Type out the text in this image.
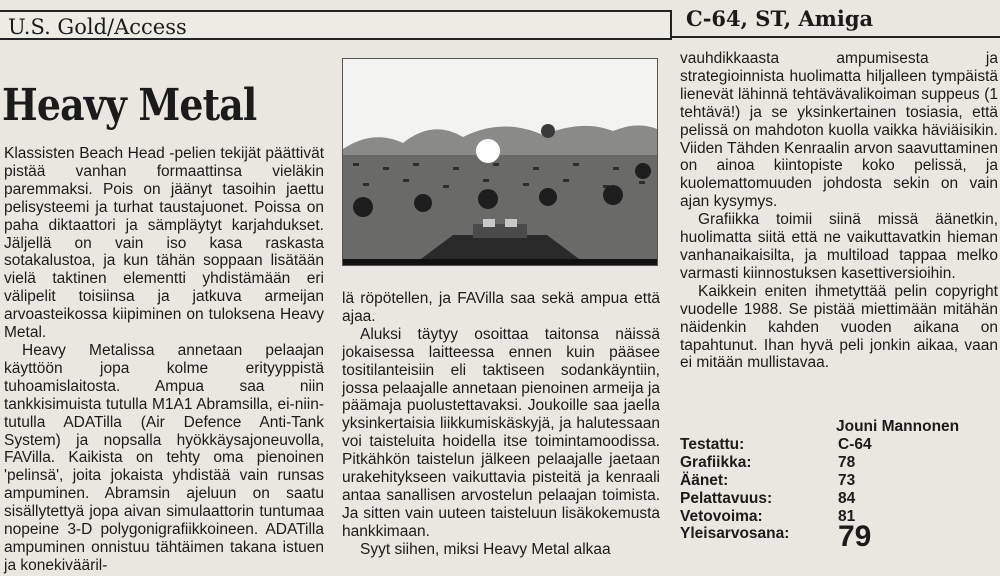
U.S. Gold/Access	C-64, ST, Amiga
Heavy Metal

Klassisten Beach Head -pelien tekijät päättivät pistää vanhan formaattinsa vieläkin paremmaksi. Pois on jäänyt tasoihin jaettu pelisysteemi ja turhat taustajuonet. Poissa on paha diktaattori ja sämpläytyt karjahdukset. Jäljellä on vain iso kasa raskasta sotakalustoa, ja kun tähän soppaan lisätään vielä taktinen elementti yhdistämään eri välipelit toisiinsa ja jatkuva armeijan arvoasteikossa kiipiminen on tuloksena Heavy Metal.

Heavy Metalissa annetaan pelaajan käyttöön jopa kolme erityyppistä tuhoamislaitosta. Ampua saa niin tankkisimuistа tutulla M1A1 Abramsilla, ei-niin-tutulla ADATilla (Air Defence Anti-Tank System) ja nopsalla hyökkäysajoneuvolla, FAVilla. Kaikista on tehty oma pienoinen 'pelinsä', joita jokaista yhdistää vain runsas ampuminen. Abramsin ajeluun on saatu sisällytettyä jopa aivan simulaattorin tuntumaa nopeine 3-D polygonigrafiikkoineen. ADATilla ampuminen onnistuu tähtäimen takana istuen ja konekivääril-

lä röpötellen, ja FAVilla saa sekä ampua että ajaa.

Aluksi täytyy osoittaa taitonsa näissä jokaisessa laitteessa ennen kuin pääsee tositilanteisiin eli taktiseen sodankäyntiin, jossa pelaajalle annetaan pienoinen armeija ja päämaja puolustettavaksi. Joukoille saa jaella yksinkertaisia liikkumiskäskyjä, ja halutessaan voi taisteluita hoidella itse toimintamoodissa. Pitkähkön taistelun jälkeen pelaajalle jaetaan urakehitykseen vaikuttavia pisteitä ja kenraali antaa sanallisen arvostelun pelaajan toimista. Ja sitten vain uuteen taisteluun lisäkokemusta hankkimaan.

Syyt siihen, miksi Heavy Metal alkaa

vauhdikkaasta ampumisesta ja strategioinnista huolimatta hiljalleen tympäistä lienevät lähinnä tehtävävalikoiman suppeus (1 tehtävä!) ja se yksinkertainen tosiasia, että pelissä on mahdoton kuolla vaikka häviäisikin. Viiden Tähden Kenraalin arvon saavuttaminen on ainoa kiintopiste koko pelissä, ja kuolemattomuuden johdosta sekin on vain ajan kysymys.

Grafiikka toimii siinä missä äänetkin, huolimatta siitä että ne vaikuttavatkin hieman vanhanaikaisilta, ja multiload tappaa melko varmasti kiinnostuksen kasettiversioihin.

Kaikkein eniten ihmetyttää pelin copyright vuodelle 1988. Se pistää miettimään mitähän näidenkin kahden vuoden aikana on tapahtunut. Ihan hyvä peli jonkin aikaa, vaan ei mitään mullistavaa.

Jouni Mannonen
Testattu:	C-64
Grafiikka:	78
Äänet:	73
Pelattavuus:	84
Vetovoima:	81
Yleisarvosana: 79
